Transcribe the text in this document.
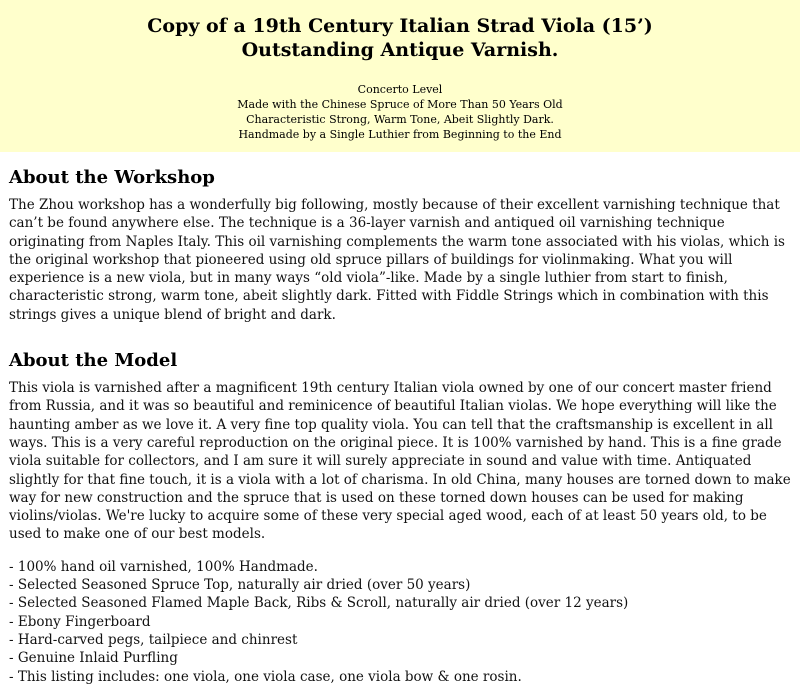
Copy of a 19th Century Italian Strad Viola (15’)
Outstanding Antique Varnish.
Concerto Level
Made with the Chinese Spruce of More Than 50 Years Old
Characteristic Strong, Warm Tone, Abeit Slightly Dark.
Handmade by a Single Luthier from Beginning to the End
About the Workshop

The Zhou workshop has a wonderfully big following, mostly because of their excellent varnishing technique that can’t be found anywhere else. The technique is a 36-layer varnish and antiqued oil varnishing technique originating from Naples Italy. This oil varnishing complements the warm tone associated with his violas, which is the original workshop that pioneered using old spruce pillars of buildings for violinmaking. What you will experience is a new viola, but in many ways “old viola”-like. Made by a single luthier from start to finish, characteristic strong, warm tone, abeit slightly dark. Fitted with Fiddle Strings which in combination with this strings gives a unique blend of bright and dark.

About the Model

This viola is varnished after a magnificent 19th century Italian viola owned by one of our concert master friend from Russia, and it was so beautiful and reminicence of beautiful Italian violas. We hope everything will like the haunting amber as we love it. A very fine top quality viola. You can tell that the craftsmanship is excellent in all ways. This is a very careful reproduction on the original piece. It is 100% varnished by hand. This is a fine grade viola suitable for collectors, and I am sure it will surely appreciate in sound and value with time. Antiquated slightly for that fine touch, it is a viola with a lot of charisma. In old China, many houses are torned down to make way for new construction and the spruce that is used on these torned down houses can be used for making violins/violas. We're lucky to acquire some of these very special aged wood, each of at least 50 years old, to be used to make one of our best models.

- 100% hand oil varnished, 100% Handmade.
- Selected Seasoned Spruce Top, naturally air dried (over 50 years)
- Selected Seasoned Flamed Maple Back, Ribs & Scroll, naturally air dried (over 12 years)
- Ebony Fingerboard
- Hard-carved pegs, tailpiece and chinrest
- Genuine Inlaid Purfling
- This listing includes: one viola, one viola case, one viola bow & one rosin.
